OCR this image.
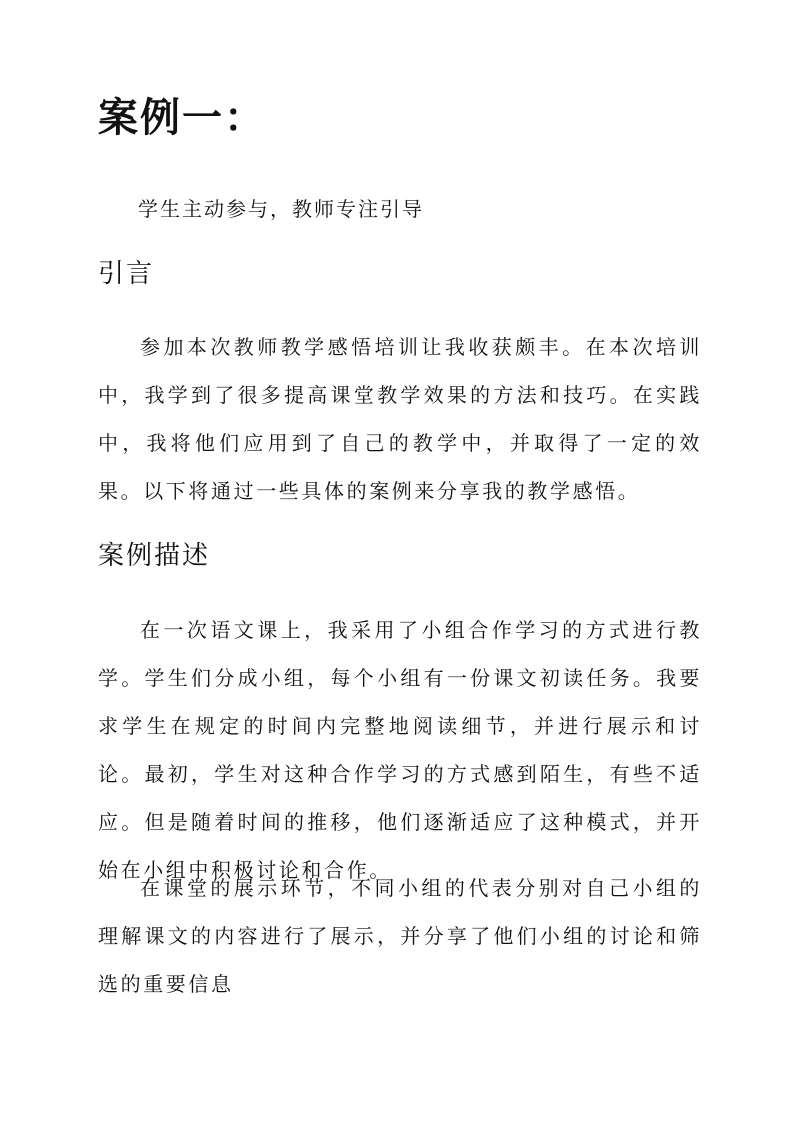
案例一：

学生主动参与，教师专注引导

引言

参加本次教师教学感悟培训让我收获颇丰。在本次培训中，我学到了很多提高课堂教学效果的方法和技巧。在实践中，我将他们应用到了自己的教学中，并取得了一定的效果。以下将通过一些具体的案例来分享我的教学感悟。

案例描述

在一次语文课上，我采用了小组合作学习的方式进行教学。学生们分成小组，每个小组有一份课文初读任务。我要求学生在规定的时间内完整地阅读细节，并进行展示和讨论。最初，学生对这种合作学习的方式感到陌生，有些不适应。但是随着时间的推移，他们逐渐适应了这种模式，并开始在小组中积极讨论和合作。

在课堂的展示环节，不同小组的代表分别对自己小组的理解课文的内容进行了展示，并分享了他们小组的讨论和筛选的重要信息
